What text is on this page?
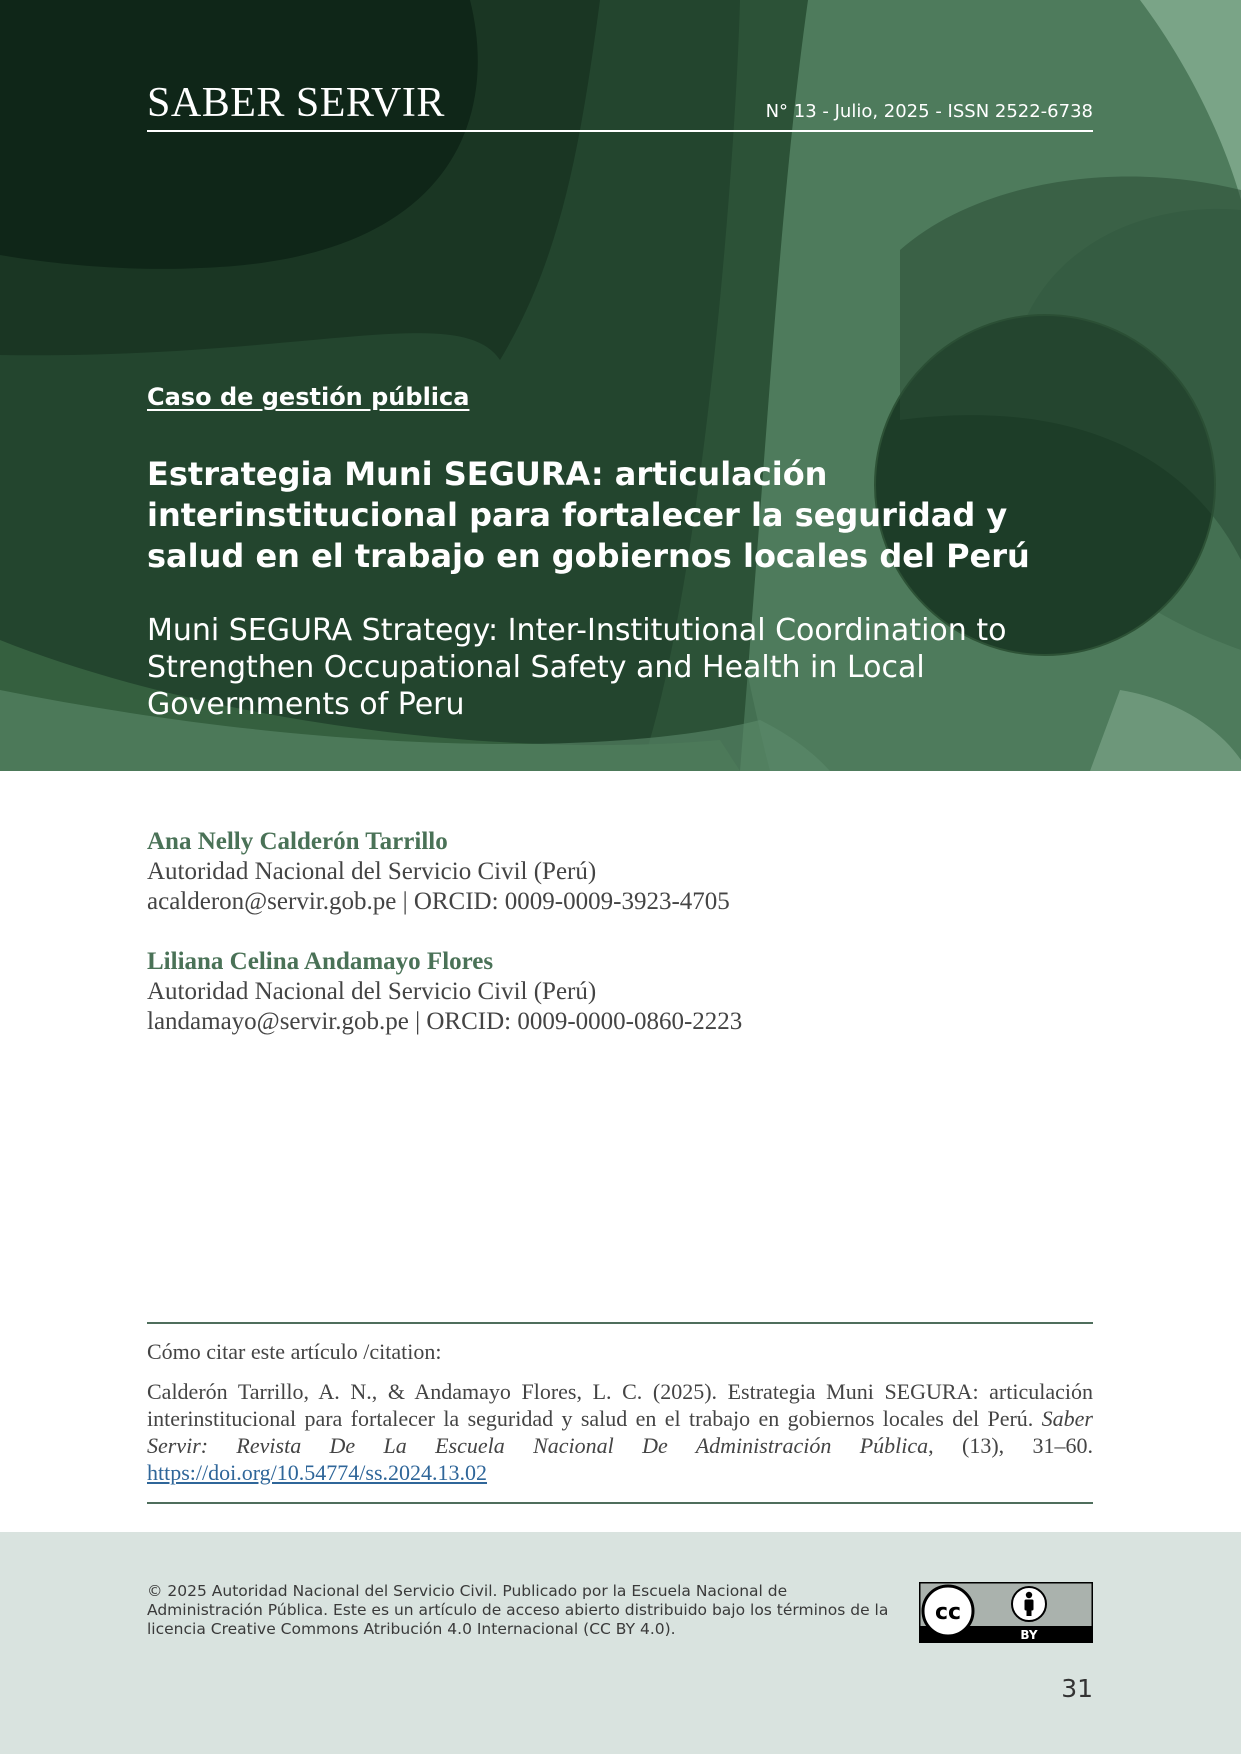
SABER SERVIR	N° 13 - Julio, 2025 - ISSN 2522-6738
Caso de gestión pública
Estrategia Muni SEGURA: articulación interinstitucional para fortalecer la seguridad y salud en el trabajo en gobiernos locales del Perú
Muni SEGURA Strategy: Inter-Institutional Coordination to Strengthen Occupational Safety and Health in Local Governments of Peru
Ana Nelly Calderón Tarrillo
Autoridad Nacional del Servicio Civil (Perú)
acalderon@servir.gob.pe | ORCID: 0009-0009-3923-4705
Liliana Celina Andamayo Flores
Autoridad Nacional del Servicio Civil (Perú)
landamayo@servir.gob.pe | ORCID: 0009-0000-0860-2223
Cómo citar este artículo /citation:
Calderón Tarrillo, A. N., & Andamayo Flores, L. C. (2025). Estrategia Muni SEGURA: articulación interinstitucional para fortalecer la seguridad y salud en el trabajo en gobiernos locales del Perú. Saber Servir: Revista De La Escuela Nacional De Administración Pública, (13), 31–60. https://doi.org/10.54774/ss.2024.13.02
© 2025 Autoridad Nacional del Servicio Civil. Publicado por la Escuela Nacional de Administración Pública. Este es un artículo de acceso abierto distribuido bajo los términos de la licencia Creative Commons Atribución 4.0 Internacional (CC BY 4.0).
cc
BY
31
